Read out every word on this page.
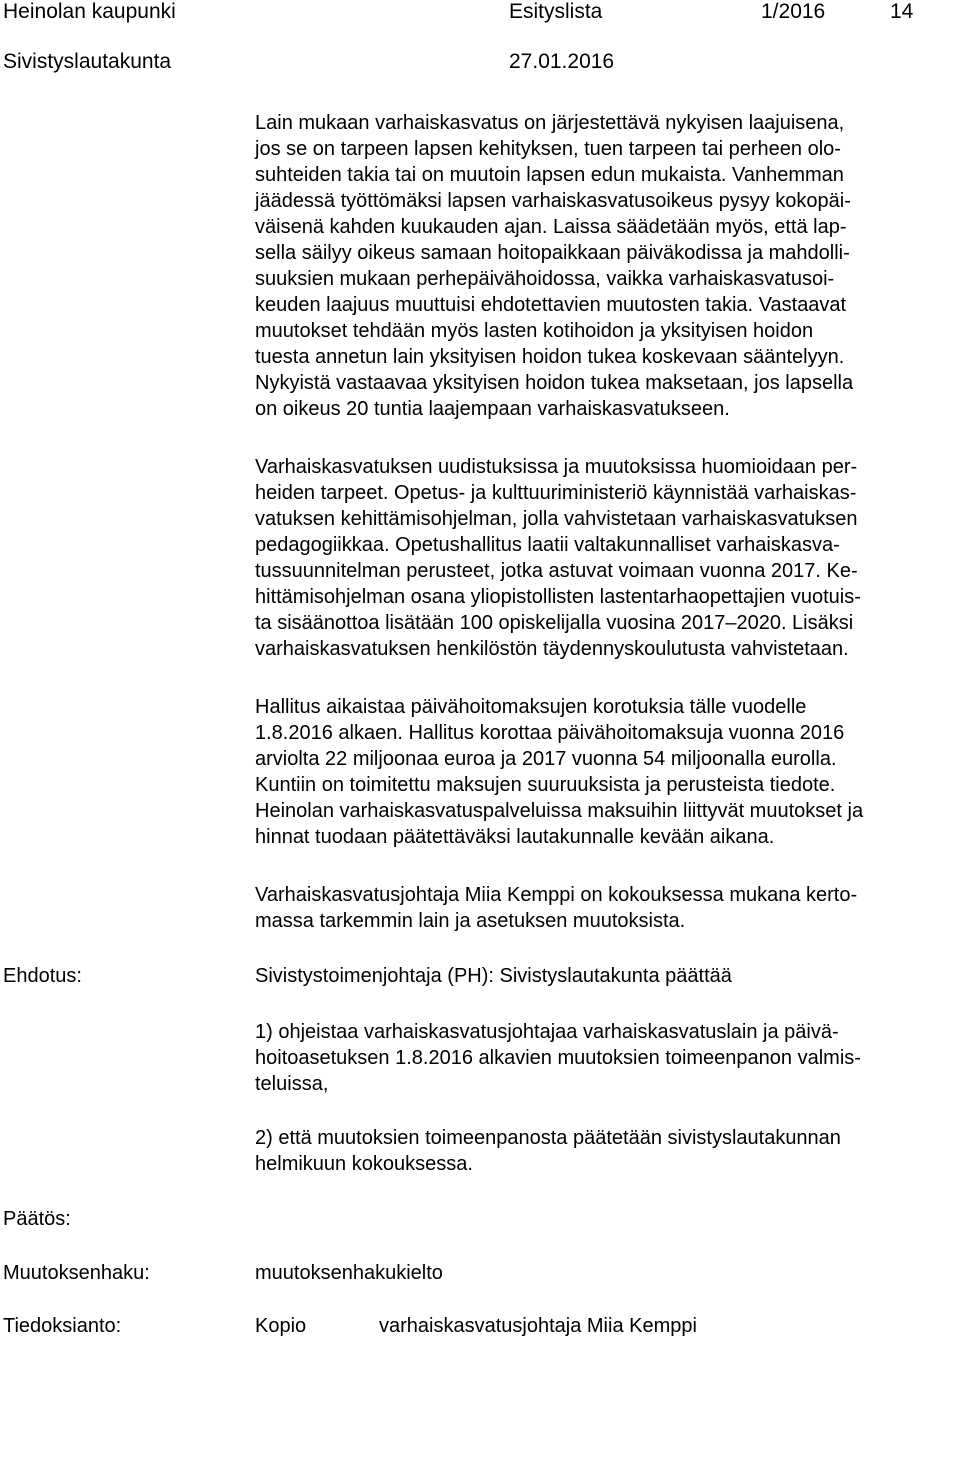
Heinolan kaupunki	Esityslista	1/2016	14
Sivistyslautakunta	27.01.2016

Lain mukaan varhaiskasvatus on järjestettävä nykyisen laajuisena,

jos se on tarpeen lapsen kehityksen, tuen tarpeen tai perheen olo-

suhteiden takia tai on muutoin lapsen edun mukaista. Vanhemman

jäädessä työttömäksi lapsen varhaiskasvatusoikeus pysyy kokopäi-

väisenä kahden kuukauden ajan. Laissa säädetään myös, että lap-

sella säilyy oikeus samaan hoitopaikkaan päiväkodissa ja mahdolli-

suuksien mukaan perhepäivähoidossa, vaikka varhaiskasvatusoi-

keuden laajuus muuttuisi ehdotettavien muutosten takia. Vastaavat

muutokset tehdään myös lasten kotihoidon ja yksityisen hoidon

tuesta annetun lain yksityisen hoidon tukea koskevaan sääntelyyn.

Nykyistä vastaavaa yksityisen hoidon tukea maksetaan, jos lapsella

on oikeus 20 tuntia laajempaan varhaiskasvatukseen.

Varhaiskasvatuksen uudistuksissa ja muutoksissa huomioidaan per-

heiden tarpeet. Opetus- ja kulttuuriministeriö käynnistää varhaiskas-

vatuksen kehittämisohjelman, jolla vahvistetaan varhaiskasvatuksen

pedagogiikkaa. Opetushallitus laatii valtakunnalliset varhaiskasva-

tussuunnitelman perusteet, jotka astuvat voimaan vuonna 2017. Ke-

hittämisohjelman osana yliopistollisten lastentarhaopettajien vuotuis-

ta sisäänottoa lisätään 100 opiskelijalla vuosina 2017–2020. Lisäksi

varhaiskasvatuksen henkilöstön täydennyskoulutusta vahvistetaan.

Hallitus aikaistaa päivähoitomaksujen korotuksia tälle vuodelle

1.8.2016 alkaen. Hallitus korottaa päivähoitomaksuja vuonna 2016

arviolta 22 miljoonaa euroa ja 2017 vuonna 54 miljoonalla eurolla.

Kuntiin on toimitettu maksujen suuruuksista ja perusteista tiedote.

Heinolan varhaiskasvatuspalveluissa maksuihin liittyvät muutokset ja

hinnat tuodaan päätettäväksi lautakunnalle kevään aikana.

Varhaiskasvatusjohtaja Miia Kemppi on kokouksessa mukana kerto-

massa tarkemmin lain ja asetuksen muutoksista.

Ehdotus:	Sivistystoimenjohtaja (PH): Sivistyslautakunta päättää

1) ohjeistaa varhaiskasvatusjohtajaa varhaiskasvatuslain ja päivä-

hoitoasetuksen 1.8.2016 alkavien muutoksien toimeenpanon valmis-

teluissa,

2) että muutoksien toimeenpanosta päätetään sivistyslautakunnan

helmikuun kokouksessa.

Päätös:

Muutoksenhaku:	muutoksenhakukielto

Tiedoksianto:	Kopio	varhaiskasvatusjohtaja Miia Kemppi
